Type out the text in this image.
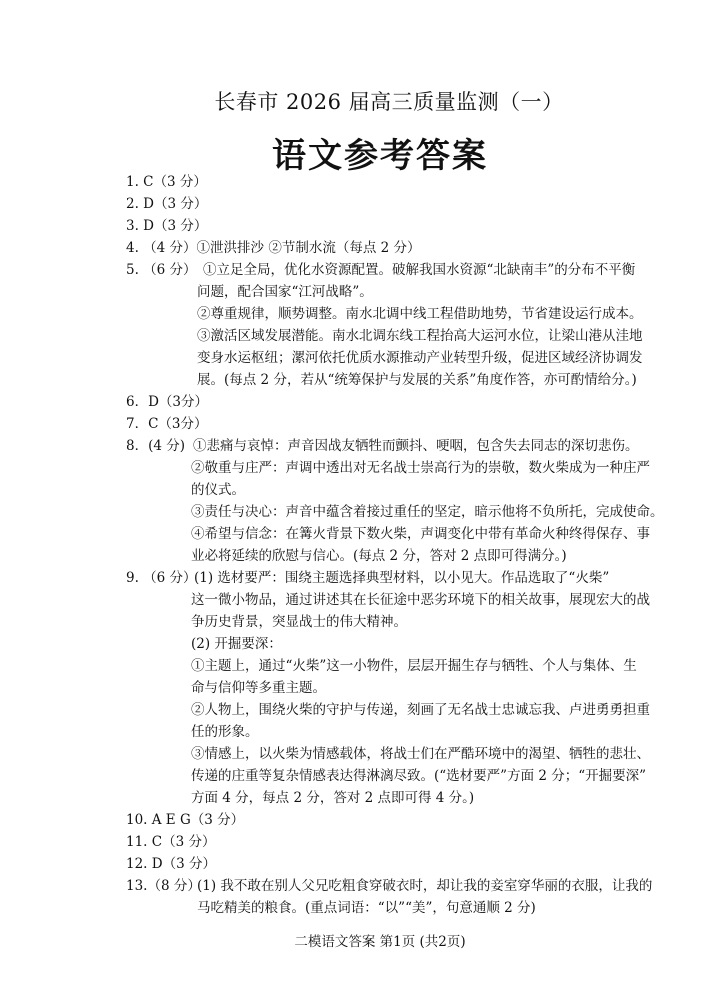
长春市 2026 届高三质量监测（一）
语文参考答案
1. C（3 分）
2. D（3 分）
3. D（3 分）
4. （4 分）①泄洪排沙 ②节制水流（每点 2 分）
5. （6 分） ①立足全局，优化水资源配置。破解我国水资源“北缺南丰”的分布不平衡
问题，配合国家“江河战略”。
②尊重规律，顺势调整。南水北调中线工程借助地势，节省建设运行成本。
③激活区域发展潜能。南水北调东线工程抬高大运河水位，让梁山港从洼地
变身水运枢纽；漯河依托优质水源推动产业转型升级，促进区域经济协调发
展。(每点 2 分，若从“统筹保护与发展的关系”角度作答，亦可酌情给分。)
6．D（3分）
7．C（3分）
8．(4 分) ①悲痛与哀悼：声音因战友牺牲而颤抖、哽咽，包含失去同志的深切悲伤。
②敬重与庄严：声调中透出对无名战士崇高行为的崇敬，数火柴成为一种庄严
的仪式。
③责任与决心：声音中蕴含着接过重任的坚定，暗示他将不负所托，完成使命。
④希望与信念：在篝火背景下数火柴，声调变化中带有革命火种终得保存、事
业必将延续的欣慰与信心。(每点 2 分，答对 2 点即可得满分。)
9. （6 分）
(1) 选材要严：围绕主题选择典型材料，以小见大。作品选取了“火柴”
这一微小物品，通过讲述其在长征途中恶劣环境下的相关故事，展现宏大的战
争历史背景，突显战士的伟大精神。
(2) 开掘要深：
①主题上，通过“火柴”这一小物件，层层开掘生存与牺牲、个人与集体、生
命与信仰等多重主题。
②人物上，围绕火柴的守护与传递，刻画了无名战士忠诚忘我、卢进勇勇担重
任的形象。
③情感上，以火柴为情感载体，将战士们在严酷环境中的渴望、牺牲的悲壮、
传递的庄重等复杂情感表达得淋漓尽致。(“选材要严”方面 2 分；“开掘要深”
方面 4 分，每点 2 分，答对 2 点即可得 4 分。)
10. A E G（3 分）
11. C（3 分）
12. D（3 分）
13.（8 分）
(1) 我不敢在别人父兄吃粗食穿破衣时，却让我的妾室穿华丽的衣服，让我的
马吃精美的粮食。(重点词语：“以”“美”，句意通顺 2 分)
二模语文答案 第1页 (共2页)
